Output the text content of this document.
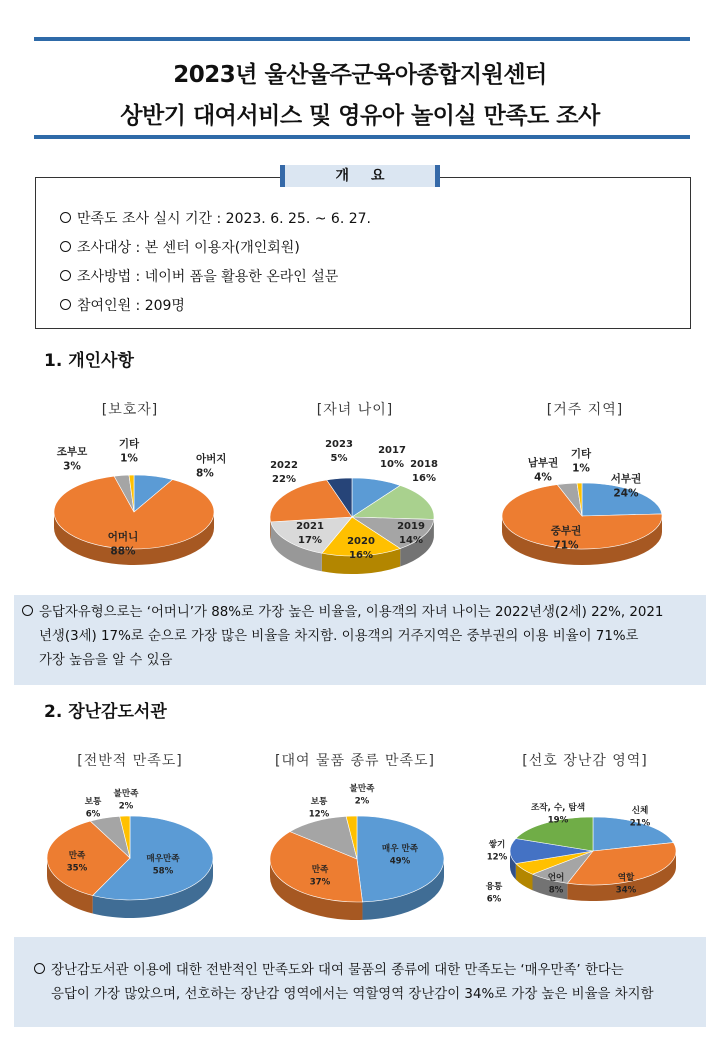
2023년 울산울주군육아종합지원센터
상반기 대여서비스 및 영유아 놀이실 만족도 조사
개요
만족도 조사 실시 기간 : 2023. 6. 25. ~ 6. 27.
조사대상 : 본 센터 이용자(개인회원)
조사방법 : 네이버 폼을 활용한 온라인 설문
참여인원 : 209명
1. 개인사항
[보호자]	[자녀 나이]	[거주 지역]
아버지
8%
어머니
88%
조부모
3%
기타
1%
2017
10% 2018
16%
2019
14%
2020
16%
2021
17%
2022
22%
2023
5%
서부권
24%
중부권
71%
남부권
4%
기타
1%
응답자유형으로는 ‘어머니’가 88%로 가장 높은 비율을, 이용객의 자녀 나이는 2022년생(2세) 22%, 2021
년생(3세) 17%로 순으로 가장 많은 비율을 차지함. 이용객의 거주지역은 중부권의 이용 비율이 71%로
가장 높음을 알 수 있음
2. 장난감도서관
[전반적 만족도]	[대여 물품 종류 만족도]	[선호 장난감 영역]
매우만족
58%
만족
35%
보통
6%
불만족
2%
매우 만족
49%
만족
37%
보통
12%
불만족
2%
신체
21%
역할
34%
언어
8%
융통
6%
쌓기
12%
조작, 수, 탐색
19%
장난감도서관 이용에 대한 전반적인 만족도와 대여 물품의 종류에 대한 만족도는 ‘매우만족’ 한다는
응답이 가장 많았으며, 선호하는 장난감 영역에서는 역할영역 장난감이 34%로 가장 높은 비율을 차지함
